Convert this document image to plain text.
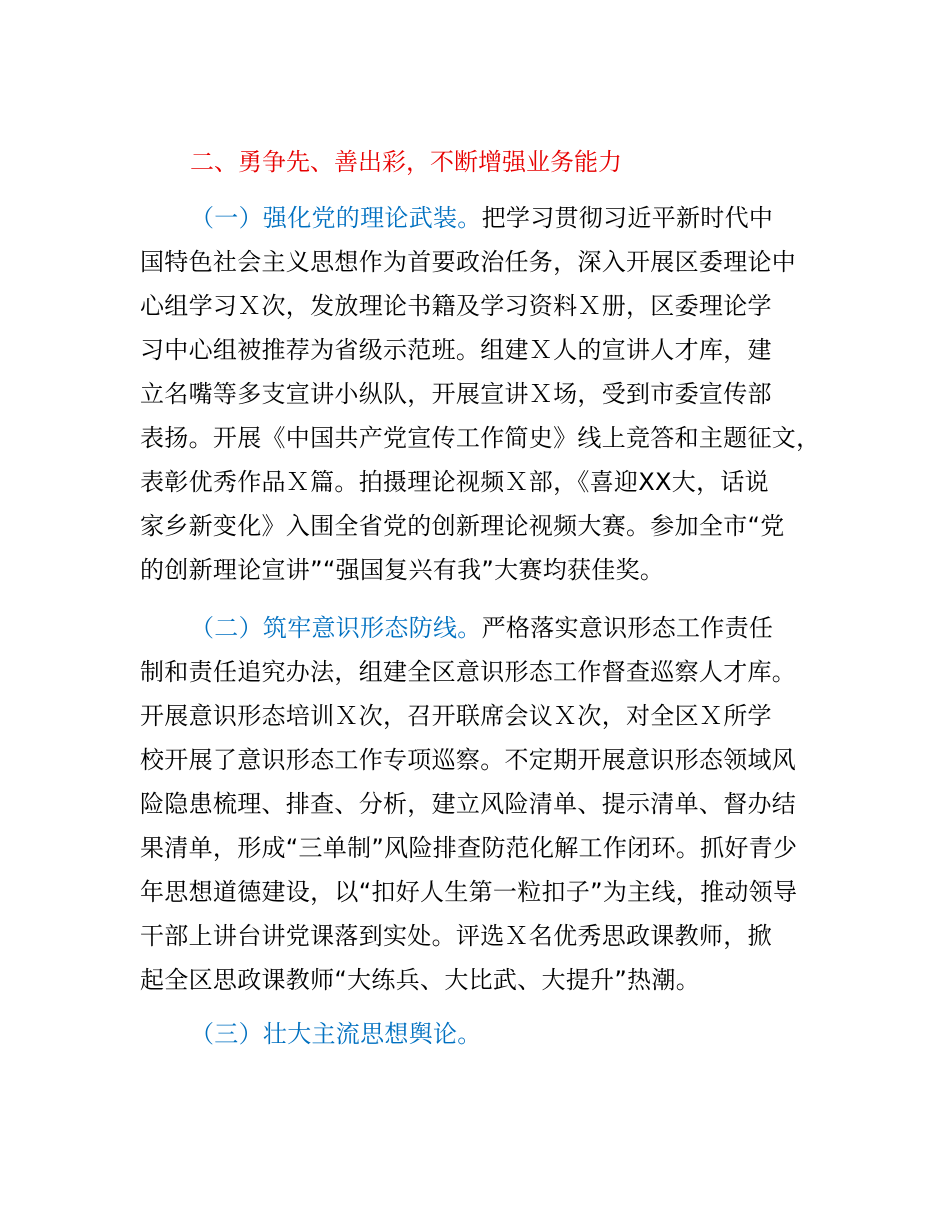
二、勇争先、善出彩，不断增强业务能力
（一）强化党的理论武装。把学习贯彻习近平新时代中
国特色社会主义思想作为首要政治任务，深入开展区委理论中
心组学习Ｘ次，发放理论书籍及学习资料Ｘ册，区委理论学
习中心组被推荐为省级示范班。组建Ｘ人的宣讲人才库，建
立名嘴等多支宣讲小纵队，开展宣讲Ｘ场，受到市委宣传部
表扬。开展《中国共产党宣传工作简史》线上竞答和主题征文，
表彰优秀作品Ｘ篇。拍摄理论视频Ｘ部，《喜迎XX大，话说
家乡新变化》入围全省党的创新理论视频大赛。参加全市“党
的创新理论宣讲”“强国复兴有我”大赛均获佳奖。
（二）筑牢意识形态防线。严格落实意识形态工作责任
制和责任追究办法，组建全区意识形态工作督查巡察人才库。
开展意识形态培训Ｘ次，召开联席会议Ｘ次，对全区Ｘ所学
校开展了意识形态工作专项巡察。不定期开展意识形态领域风
险隐患梳理、排查、分析，建立风险清单、提示清单、督办结
果清单，形成“三单制”风险排查防范化解工作闭环。抓好青少
年思想道德建设，以“扣好人生第一粒扣子”为主线，推动领导
干部上讲台讲党课落到实处。评选Ｘ名优秀思政课教师，掀
起全区思政课教师“大练兵、大比武、大提升”热潮。
（三）壮大主流思想舆论。
